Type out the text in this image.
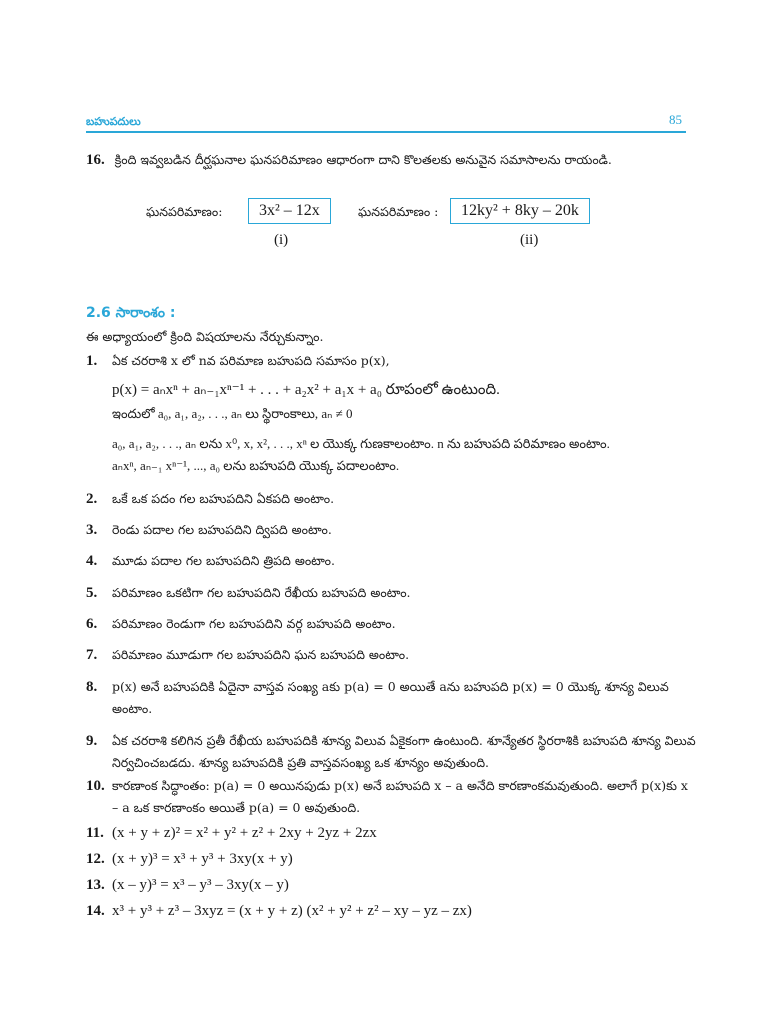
బహుపదులు	85
16. క్రింది ఇవ్వబడిన దీర్ఘఘనాల ఘనపరిమాణం ఆధారంగా దాని కొలతలకు అనువైన సమాసాలను రాయండి.
ఘనపరిమాణం:	3x² – 12x
(i)
ఘనపరిమాణం :	12ky² + 8ky – 20k
(ii)
2.6 సారాంశం :
ఈ అధ్యాయంలో క్రింది విషయాలను నేర్చుకున్నాం.
1. ఏక చరరాశి x లో nవ పరిమాణ బహుపది సమాసం p(x),
p(x) = aₙxⁿ + aₙ₋₁xⁿ⁻¹ + . . . + a₂x² + a₁x + a₀ రూపంలో ఉంటుంది.
ఇందులో a₀, a₁, a₂, . . ., aₙ లు స్థిరాంకాలు, aₙ ≠ 0
a₀, a₁, a₂, . . ., aₙ లను x⁰, x, x², . . ., xⁿ ల యొక్క గుణకాలంటాం. n ను బహుపది పరిమాణం అంటాం.
aₙxⁿ, aₙ₋₁ xⁿ⁻¹, ..., a₀ లను బహుపది యొక్క పదాలంటాం.
2. ఒకే ఒక పదం గల బహుపదిని ఏకపది అంటాం.
3. రెండు పదాల గల బహుపదిని ద్విపది అంటాం.
4. మూడు పదాల గల బహుపదిని త్రిపది అంటాం.
5. పరిమాణం ఒకటిగా గల బహుపదిని రేఖీయ బహుపది అంటాం.
6. పరిమాణం రెండుగా గల బహుపదిని వర్గ బహుపది అంటాం.
7. పరిమాణం మూడుగా గల బహుపదిని ఘన బహుపది అంటాం.
8. p(x) అనే బహుపదికి ఏదైనా వాస్తవ సంఖ్య aకు p(a) = 0 అయితే aను బహుపది p(x) = 0 యొక్క శూన్య విలువ అంటాం.
9. ఏక చరరాశి కలిగిన ప్రతీ రేఖీయ బహుపదికి శూన్య విలువ ఏకైకంగా ఉంటుంది. శూన్యేతర స్థిరరాశికి బహుపది శూన్య విలువ నిర్వచించబడదు. శూన్య బహుపదికి ప్రతి వాస్తవసంఖ్య ఒక శూన్యం అవుతుంది.
10. కారణాంక సిద్ధాంతం: p(a) = 0 అయినపుడు p(x) అనే బహుపది x – a అనేది కారణాంకమవుతుంది. అలాగే p(x)కు x – a ఒక కారణాంకం అయితే p(a) = 0 అవుతుంది.
11. (x + y + z)² = x² + y² + z² + 2xy + 2yz + 2zx
12. (x + y)³ = x³ + y³ + 3xy(x + y)
13. (x – y)³ = x³ – y³ – 3xy(x – y)
14. x³ + y³ + z³ – 3xyz = (x + y + z) (x² + y² + z² – xy – yz – zx)
